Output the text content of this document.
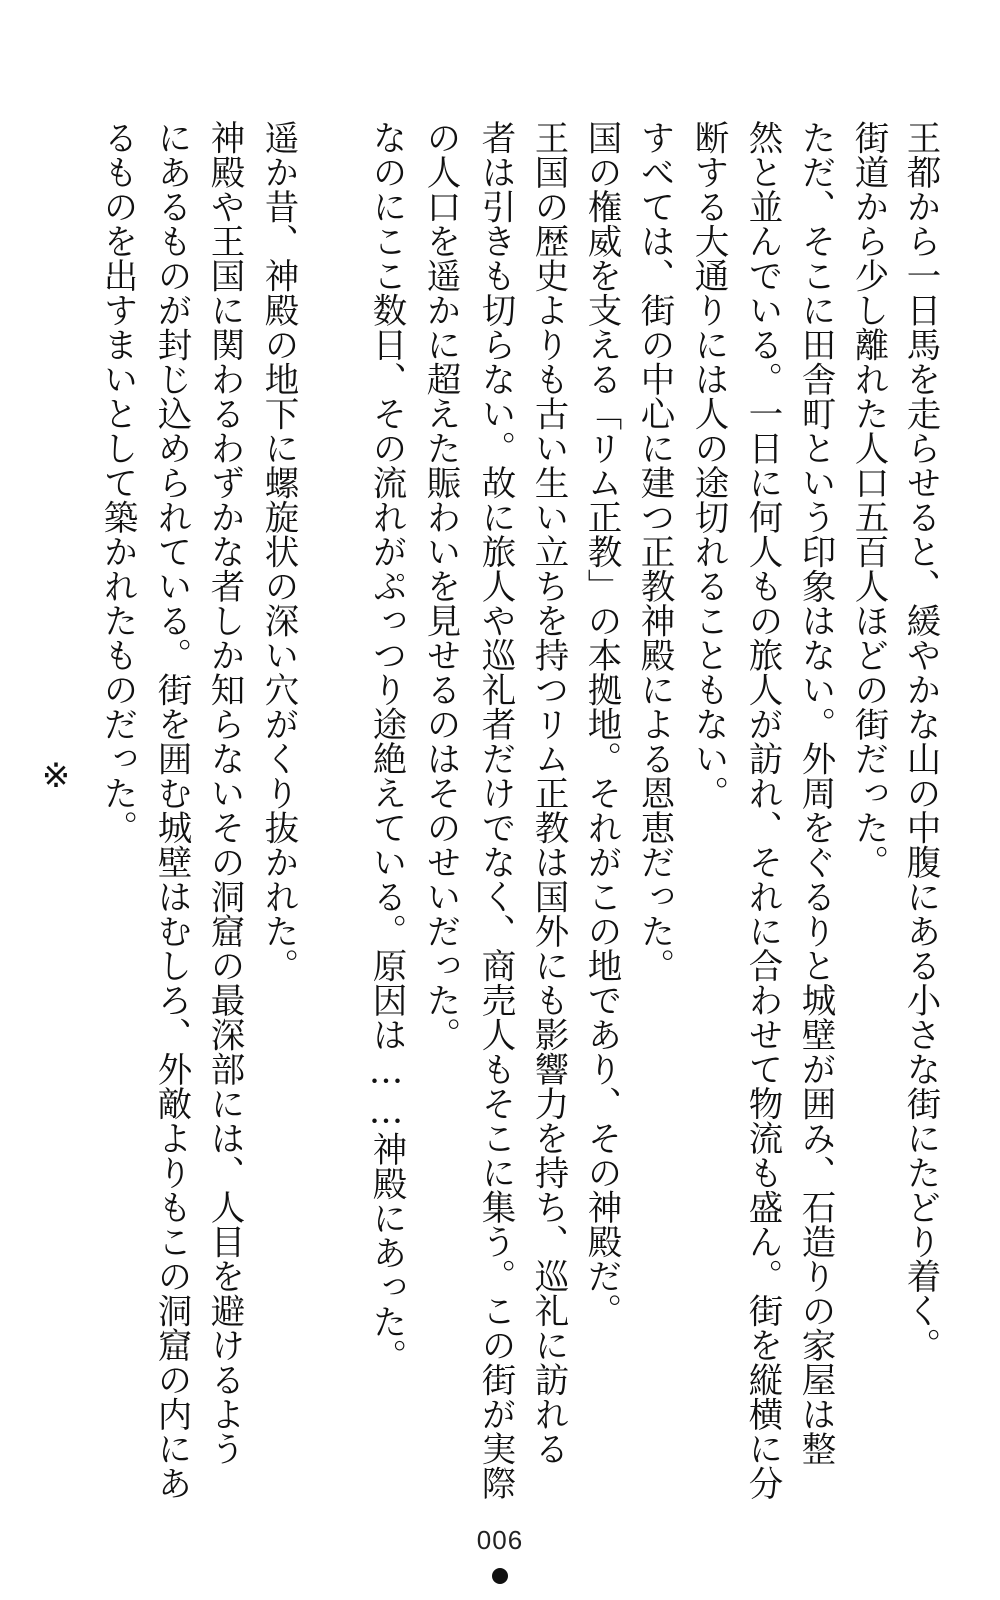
王都から一日馬を走らせると、緩やかな山の中腹にある小さな街にたどり着く。
街道から少し離れた人口五百人ほどの街だった。
ただ、そこに田舎町という印象はない。外周をぐるりと城壁が囲み、石造りの家屋は整
然と並んでいる。一日に何人もの旅人が訪れ、それに合わせて物流も盛ん。街を縦横に分
断する大通りには人の途切れることもない。
すべては、街の中心に建つ正教神殿による恩恵だった。
国の権威を支える「リム正教」の本拠地。それがこの地であり、その神殿だ。
王国の歴史よりも古い生い立ちを持つリム正教は国外にも影響力を持ち、巡礼に訪れる
者は引きも切らない。故に旅人や巡礼者だけでなく、商売人もそこに集う。この街が実際
の人口を遥かに超えた賑わいを見せるのはそのせいだった。
なのにここ数日、その流れがぷっつり途絶えている。原因は……神殿にあった。
遥か昔、神殿の地下に螺旋状の深い穴がくり抜かれた。
神殿や王国に関わるわずかな者しか知らないその洞窟の最深部には、人目を避けるよう
にあるものが封じ込められている。街を囲む城壁はむしろ、外敵よりもこの洞窟の内にあ
るものを出すまいとして築かれたものだった。
※
006
